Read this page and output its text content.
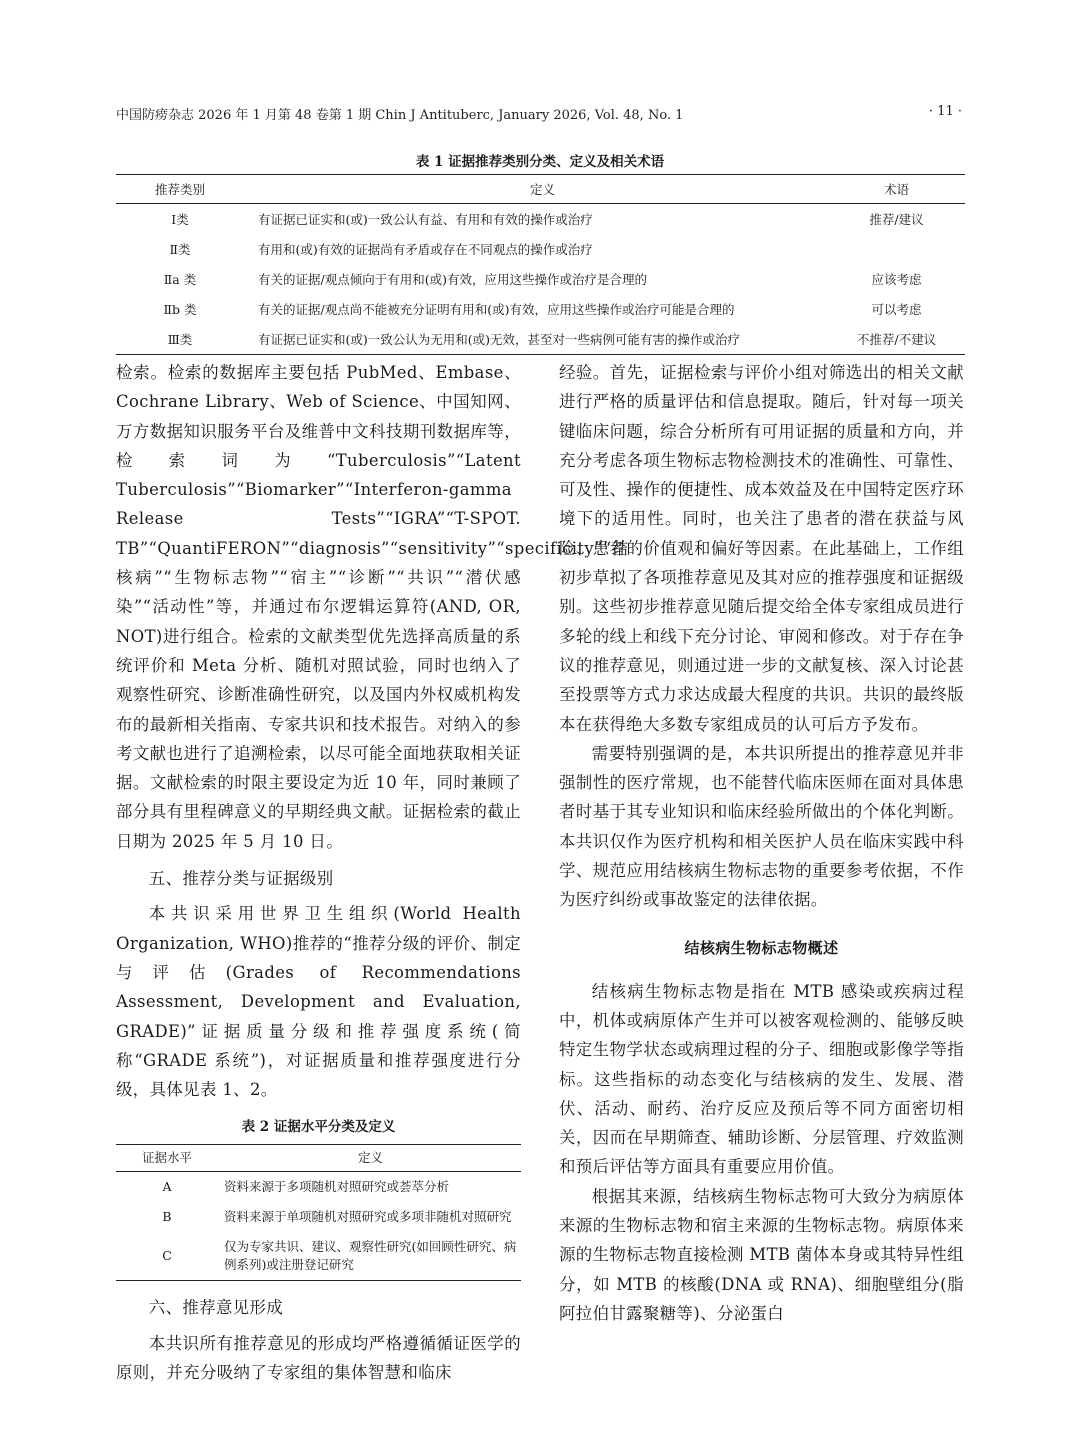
中国防痨杂志 2026 年 1 月第 48 卷第 1 期 Chin J Antituberc, January 2026, Vol. 48, No. 1	· 11 ·
表 1 证据推荐类别分类、定义及相关术语
推荐类别	定义	术语
Ⅰ类	有证据已证实和(或)一致公认有益、有用和有效的操作或治疗	推荐/建议
Ⅱ类	有用和(或)有效的证据尚有矛盾或存在不同观点的操作或治疗	
Ⅱa 类	有关的证据/观点倾向于有用和(或)有效，应用这些操作或治疗是合理的	应该考虑
Ⅱb 类	有关的证据/观点尚不能被充分证明有用和(或)有效，应用这些操作或治疗可能是合理的	可以考虑
Ⅲ类	有证据已证实和(或)一致公认为无用和(或)无效，甚至对一些病例可能有害的操作或治疗	不推荐/不建议

检索。检索的数据库主要包括 PubMed、Embase、Cochrane Library、Web of Science、中国知网、万方数据知识服务平台及维普中文科技期刊数据库等，检索词为“Tuberculosis”“Latent Tuberculosis”“Biomarker”“Interferon-gamma Release Tests”“IGRA”“T-SPOT. TB”“QuantiFERON”“diagnosis”“sensitivity”“specificity”“结核病”“生物标志物”“宿主”“诊断”“共识”“潜伏感染”“活动性”等，并通过布尔逻辑运算符(AND, OR, NOT)进行组合。检索的文献类型优先选择高质量的系统评价和 Meta 分析、随机对照试验，同时也纳入了观察性研究、诊断准确性研究，以及国内外权威机构发布的最新相关指南、专家共识和技术报告。对纳入的参考文献也进行了追溯检索，以尽可能全面地获取相关证据。文献检索的时限主要设定为近 10 年，同时兼顾了部分具有里程碑意义的早期经典文献。证据检索的截止日期为 2025 年 5 月 10 日。

五、推荐分类与证据级别

本共识采用世界卫生组织(World Health Organization, WHO)推荐的“推荐分级的评价、制定与评估(Grades of Recommendations Assessment, Development and Evaluation, GRADE)”证据质量分级和推荐强度系统(简称“GRADE 系统”)，对证据质量和推荐强度进行分级，具体见表 1、2。

表 2 证据水平分类及定义
证据水平	定义
A	资料来源于多项随机对照研究或荟萃分析
B	资料来源于单项随机对照研究或多项非随机对照研究
C	仅为专家共识、建议、观察性研究(如回顾性研究、病例系列)或注册登记研究

六、推荐意见形成

本共识所有推荐意见的形成均严格遵循循证医学的原则，并充分吸纳了专家组的集体智慧和临床

经验。首先，证据检索与评价小组对筛选出的相关文献进行严格的质量评估和信息提取。随后，针对每一项关键临床问题，综合分析所有可用证据的质量和方向，并充分考虑各项生物标志物检测技术的准确性、可靠性、可及性、操作的便捷性、成本效益及在中国特定医疗环境下的适用性。同时，也关注了患者的潜在获益与风险、患者的价值观和偏好等因素。在此基础上，工作组初步草拟了各项推荐意见及其对应的推荐强度和证据级别。这些初步推荐意见随后提交给全体专家组成员进行多轮的线上和线下充分讨论、审阅和修改。对于存在争议的推荐意见，则通过进一步的文献复核、深入讨论甚至投票等方式力求达成最大程度的共识。共识的最终版本在获得绝大多数专家组成员的认可后方予发布。

需要特别强调的是，本共识所提出的推荐意见并非强制性的医疗常规，也不能替代临床医师在面对具体患者时基于其专业知识和临床经验所做出的个体化判断。本共识仅作为医疗机构和相关医护人员在临床实践中科学、规范应用结核病生物标志物的重要参考依据，不作为医疗纠纷或事故鉴定的法律依据。

结核病生物标志物概述

结核病生物标志物是指在 MTB 感染或疾病过程中，机体或病原体产生并可以被客观检测的、能够反映特定生物学状态或病理过程的分子、细胞或影像学等指标。这些指标的动态变化与结核病的发生、发展、潜伏、活动、耐药、治疗反应及预后等不同方面密切相关，因而在早期筛查、辅助诊断、分层管理、疗效监测和预后评估等方面具有重要应用价值。

根据其来源，结核病生物标志物可大致分为病原体来源的生物标志物和宿主来源的生物标志物。病原体来源的生物标志物直接检测 MTB 菌体本身或其特异性组分，如 MTB 的核酸(DNA 或 RNA)、细胞壁组分(脂阿拉伯甘露聚糖等)、分泌蛋白
